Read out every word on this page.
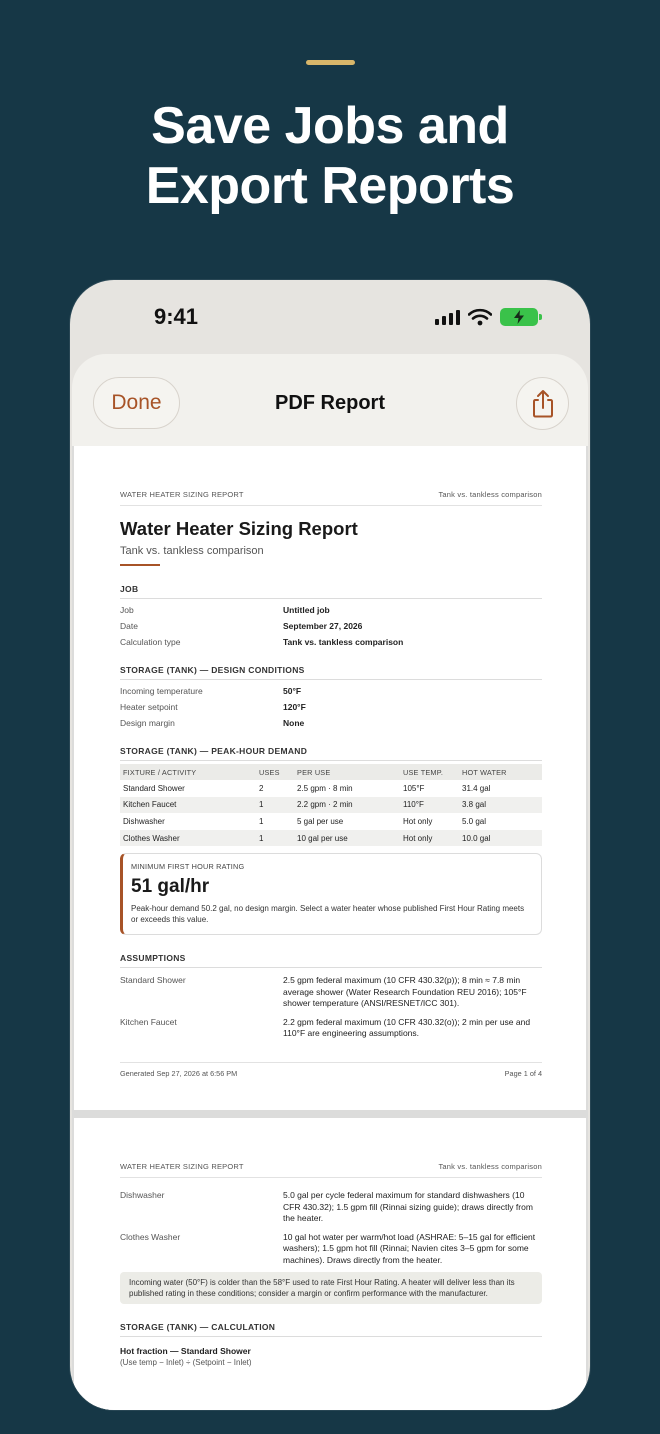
Save Jobs and
Export Reports
9:41
Done	PDF Report
WATER HEATER SIZING REPORT	Tank vs. tankless comparison
Water Heater Sizing Report
Tank vs. tankless comparison
JOB
Job	Untitled job
Date	September 27, 2026
Calculation type	Tank vs. tankless comparison
STORAGE (TANK) — DESIGN CONDITIONS
Incoming temperature	50°F
Heater setpoint	120°F
Design margin	None
STORAGE (TANK) — PEAK-HOUR DEMAND
FIXTURE / ACTIVITY	USES	PER USE	USE TEMP.	HOT WATER
Standard Shower	2	2.5 gpm · 8 min	105°F	31.4 gal
Kitchen Faucet	1	2.2 gpm · 2 min	110°F	3.8 gal
Dishwasher	1	5 gal per use	Hot only	5.0 gal
Clothes Washer	1	10 gal per use	Hot only	10.0 gal
MINIMUM FIRST HOUR RATING
51 gal/hr
Peak-hour demand 50.2 gal, no design margin. Select a water heater whose published First Hour Rating meets or exceeds this value.
ASSUMPTIONS
Standard Shower	2.5 gpm federal maximum (10 CFR 430.32(p)); 8 min ≈ 7.8 min average shower (Water Research Foundation REU 2016); 105°F shower temperature (ANSI/RESNET/ICC 301).
Kitchen Faucet	2.2 gpm federal maximum (10 CFR 430.32(o)); 2 min per use and 110°F are engineering assumptions.
Generated Sep 27, 2026 at 6:56 PM	Page 1 of 4
WATER HEATER SIZING REPORT	Tank vs. tankless comparison
Dishwasher	5.0 gal per cycle federal maximum for standard dishwashers (10 CFR 430.32); 1.5 gpm fill (Rinnai sizing guide); draws directly from the heater.
Clothes Washer	10 gal hot water per warm/hot load (ASHRAE: 5–15 gal for efficient washers); 1.5 gpm hot fill (Rinnai; Navien cites 3–5 gpm for some machines). Draws directly from the heater.
Incoming water (50°F) is colder than the 58°F used to rate First Hour Rating. A heater will deliver less than its published rating in these conditions; consider a margin or confirm performance with the manufacturer.
STORAGE (TANK) — CALCULATION
Hot fraction — Standard Shower
(Use temp − Inlet) ÷ (Setpoint − Inlet)
